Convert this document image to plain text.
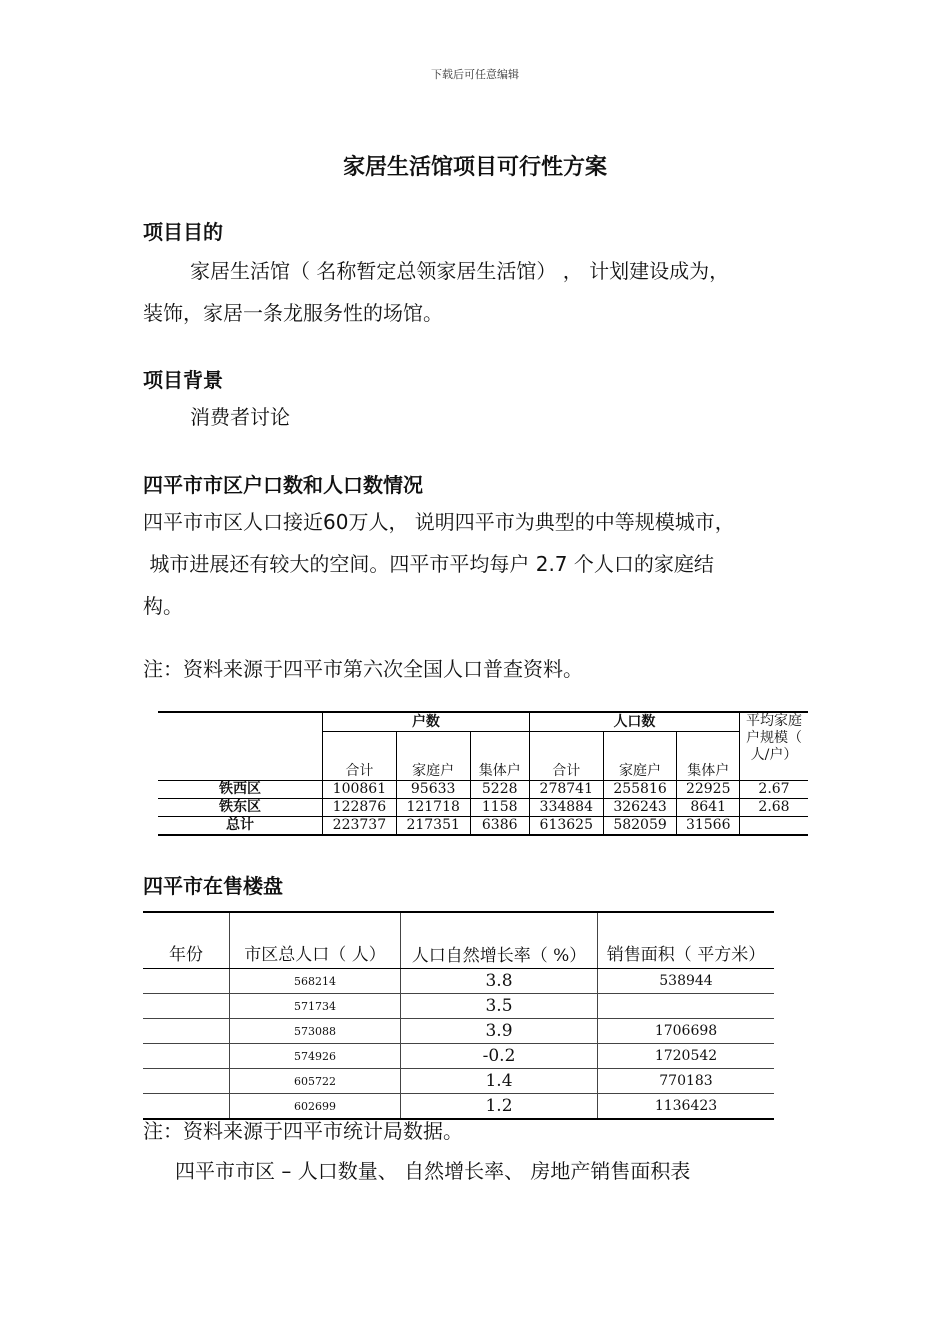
下载后可任意编辑
家居生活馆项目可行性方案
项目目的
家居生活馆（ 名称暂定总领家居生活馆） ， 计划建设成为，
装饰，家居一条龙服务性的场馆。
项目背景
消费者讨论
四平市市区户口数和人口数情况
四平市市区人口接近60万人， 说明四平市为典型的中等规模城市，
城市进展还有较大的空间。四平市平均每户 2.7 个人口的家庭结
构。
注：资料来源于四平市第六次全国人口普查资料。
	户数			人口数			平均家庭户规模（ 人/户）
	合计	家庭户	集体户	合计	家庭户	集体户	
铁西区	100861	95633	5228	278741	255816	22925	2.67
铁东区	122876	121718	1158	334884	326243	8641	2.68
总计	223737	217351	6386	613625	582059	31566	
四平市在售楼盘
年份	市区总人口（ 人）	人口自然增长率（ %）	销售面积（ 平方米）
	568214	3.8	538944
	571734	3.5	
	573088	3.9	1706698
	574926	-0.2	1720542
	605722	1.4	770183
	602699	1.2	1136423
注：资料来源于四平市统计局数据。
四平市市区 – 人口数量、 自然增长率、 房地产销售面积表
